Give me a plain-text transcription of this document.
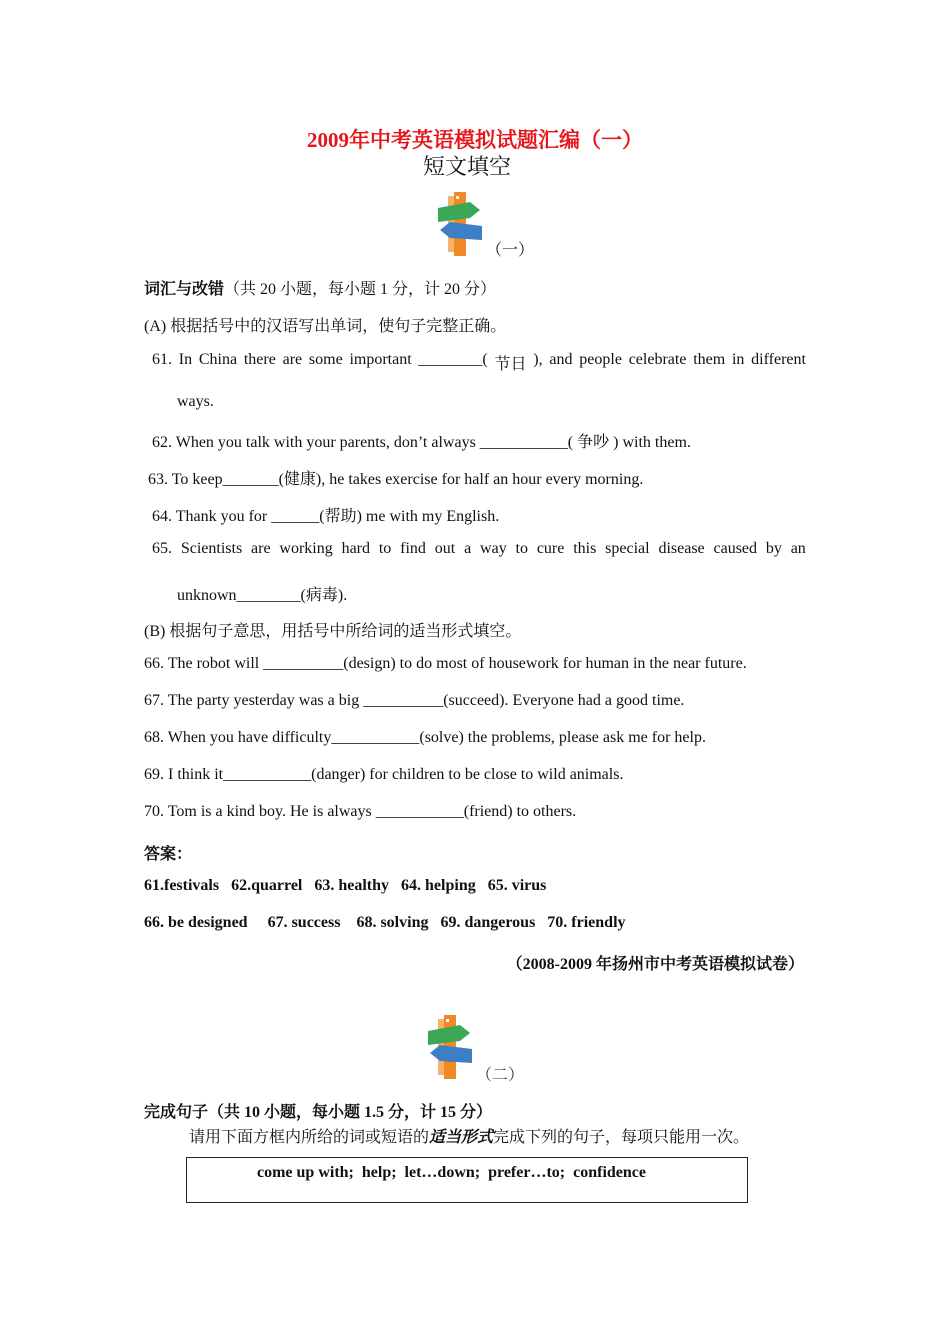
2009年中考英语模拟试题汇编（一）
短文填空
（一）
词汇与改错（共 20 小题，每小题 1 分，计 20 分）
(A) 根据括号中的汉语写出单词，使句子完整正确。
61. In China there are some important ________( 节日 ), and people celebrate them in different
ways.
62. When you talk with your parents, don’t always ___________( 争吵 ) with them.
63. To keep_______(健康), he takes exercise for half an hour every morning.
64. Thank you for ______(帮助) me with my English.
65. Scientists are working hard to find out a way to cure this special disease caused by an
unknown________(病毒).
(B) 根据句子意思，用括号中所给词的适当形式填空。
66. The robot will __________(design) to do most of housework for human in the near future.
67. The party yesterday was a big __________(succeed). Everyone had a good time.
68. When you have difficulty___________(solve) the problems, please ask me for help.
69. I think it___________(danger) for children to be close to wild animals.
70. Tom is a kind boy. He is always ___________(friend) to others.
答案：
61.festivals   62.quarrel   63. healthy   64. helping   65. virus
66. be designed     67. success    68. solving   69. dangerous   70. friendly
（2008-2009 年扬州市中考英语模拟试卷）
（二）
完成句子（共 10 小题，每小题 1.5 分，计 15 分）
请用下面方框内所给的词或短语的适当形式完成下列的句子，每项只能用一次。
come up with;  help;  let…down;  prefer…to;  confidence
